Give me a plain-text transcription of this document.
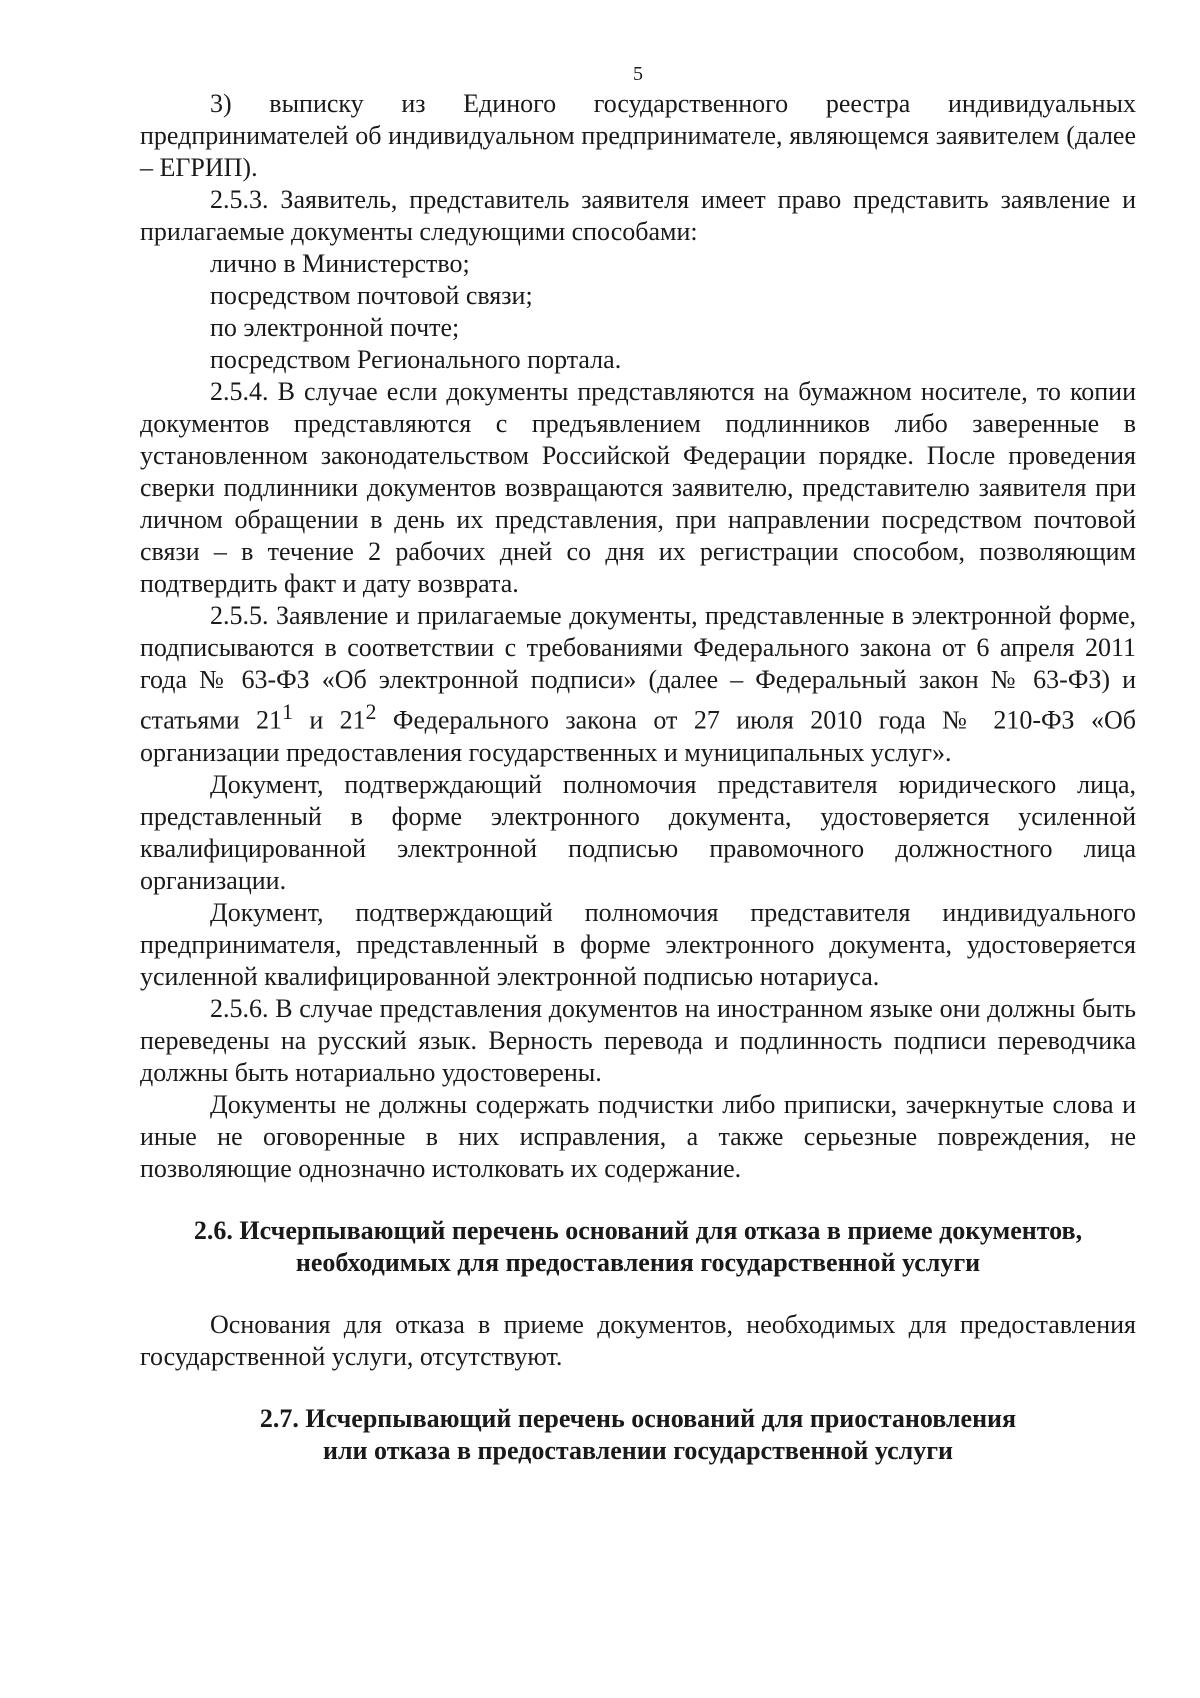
5

3) выписку из Единого государственного реестра индивидуальных предпринимателей об индивидуальном предпринимателе, являющемся заявителем (далее – ЕГРИП).

2.5.3. Заявитель, представитель заявителя имеет право представить заявление и прилагаемые документы следующими способами:

лично в Министерство;

посредством почтовой связи;

по электронной почте;

посредством Регионального портала.

2.5.4. В случае если документы представляются на бумажном носителе, то копии документов представляются с предъявлением подлинников либо заверенные в установленном законодательством Российской Федерации порядке. После проведения сверки подлинники документов возвращаются заявителю, представителю заявителя при личном обращении в день их представления, при направлении посредством почтовой связи – в течение 2 рабочих дней со дня их регистрации способом, позволяющим подтвердить факт и дату возврата.

2.5.5. Заявление и прилагаемые документы, представленные в электронной форме, подписываются в соответствии с требованиями Федерального закона от 6 апреля 2011 года № 63-ФЗ «Об электронной подписи» (далее – Федеральный закон № 63-ФЗ) и статьями $21^1$ и $21^2$ Федерального закона от 27 июля 2010 года № 210-ФЗ «Об организации предоставления государственных и муниципальных услуг».

Документ, подтверждающий полномочия представителя юридического лица, представленный в форме электронного документа, удостоверяется усиленной квалифицированной электронной подписью правомочного должностного лица организации.

Документ, подтверждающий полномочия представителя индивидуального предпринимателя, представленный в форме электронного документа, удостоверяется усиленной квалифицированной электронной подписью нотариуса.

2.5.6. В случае представления документов на иностранном языке они должны быть переведены на русский язык. Верность перевода и подлинность подписи переводчика должны быть нотариально удостоверены.

Документы не должны содержать подчистки либо приписки, зачеркнутые слова и иные не оговоренные в них исправления, а также серьезные повреждения, не позволяющие однозначно истолковать их содержание.

2.6. Исчерпывающий перечень оснований для отказа в приеме документов,

необходимых для предоставления государственной услуги

Основания для отказа в приеме документов, необходимых для предоставления государственной услуги, отсутствуют.

2.7. Исчерпывающий перечень оснований для приостановления

или отказа в предоставлении государственной услуги
